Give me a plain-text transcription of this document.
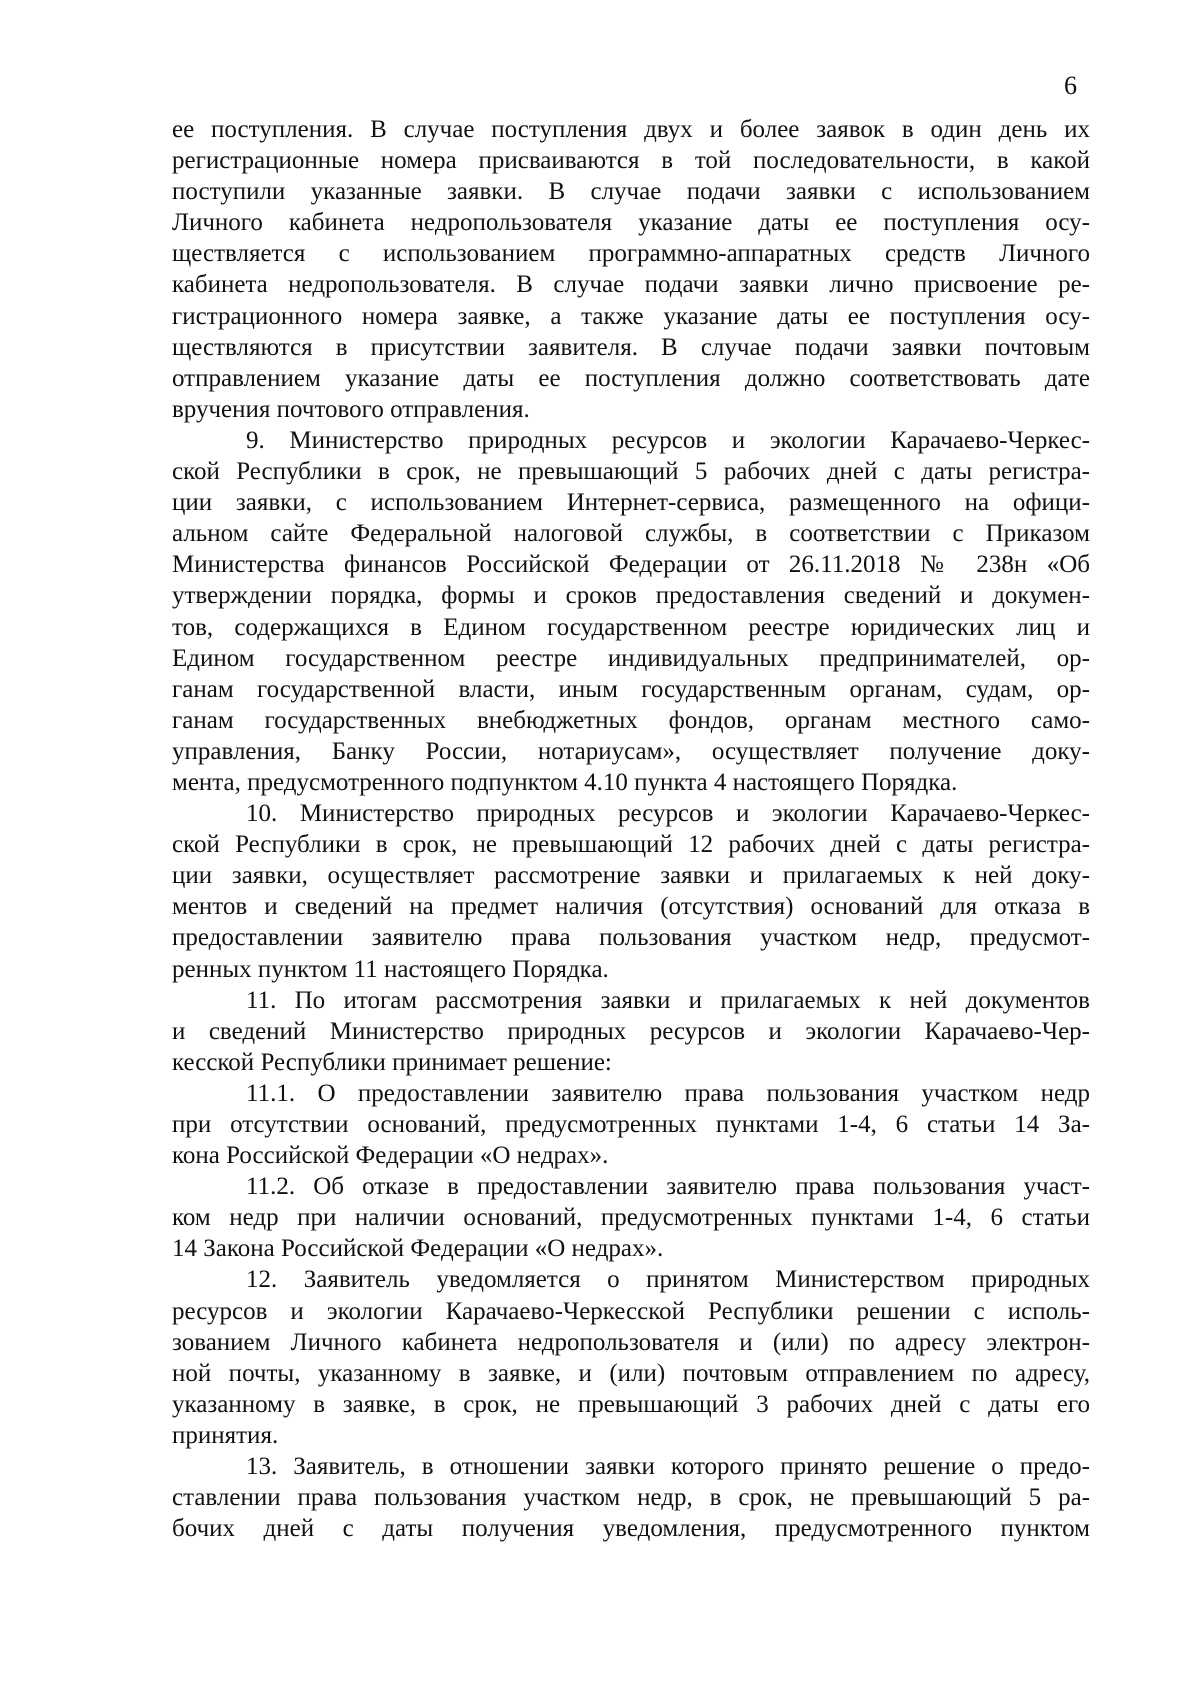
6
ее поступления. В случае поступления двух и более заявок в один день их
регистрационные номера присваиваются в той последовательности, в какой
поступили указанные заявки. В случае подачи заявки с использованием
Личного кабинета недропользователя указание даты ее поступления осу-
ществляется с использованием программно-аппаратных средств Личного
кабинета недропользователя. В случае подачи заявки лично присвоение ре-
гистрационного номера заявке, а также указание даты ее поступления осу-
ществляются в присутствии заявителя. В случае подачи заявки почтовым
отправлением указание даты ее поступления должно соответствовать дате
вручения почтового отправления.
9. Министерство природных ресурсов и экологии Карачаево-Черкес-
ской Республики в срок, не превышающий 5 рабочих дней с даты регистра-
ции заявки, с использованием Интернет-сервиса, размещенного на офици-
альном сайте Федеральной налоговой службы, в соответствии с Приказом
Министерства финансов Российской Федерации от 26.11.2018 № 238н «Об
утверждении порядка, формы и сроков предоставления сведений и докумен-
тов, содержащихся в Едином государственном реестре юридических лиц и
Едином государственном реестре индивидуальных предпринимателей, ор-
ганам государственной власти, иным государственным органам, судам, ор-
ганам государственных внебюджетных фондов, органам местного само-
управления, Банку России, нотариусам», осуществляет получение доку-
мента, предусмотренного подпунктом 4.10 пункта 4 настоящего Порядка.
10. Министерство природных ресурсов и экологии Карачаево-Черкес-
ской Республики в срок, не превышающий 12 рабочих дней с даты регистра-
ции заявки, осуществляет рассмотрение заявки и прилагаемых к ней доку-
ментов и сведений на предмет наличия (отсутствия) оснований для отказа в
предоставлении заявителю права пользования участком недр, предусмот-
ренных пунктом 11 настоящего Порядка.
11. По итогам рассмотрения заявки и прилагаемых к ней документов
и сведений Министерство природных ресурсов и экологии Карачаево-Чер-
кесской Республики принимает решение:
11.1. О предоставлении заявителю права пользования участком недр
при отсутствии оснований, предусмотренных пунктами 1-4, 6 статьи 14 За-
кона Российской Федерации «О недрах».
11.2. Об отказе в предоставлении заявителю права пользования участ-
ком недр при наличии оснований, предусмотренных пунктами 1-4, 6 статьи
14 Закона Российской Федерации «О недрах».
12. Заявитель уведомляется о принятом Министерством природных
ресурсов и экологии Карачаево-Черкесской Республики решении с исполь-
зованием Личного кабинета недропользователя и (или) по адресу электрон-
ной почты, указанному в заявке, и (или) почтовым отправлением по адресу,
указанному в заявке, в срок, не превышающий 3 рабочих дней с даты его
принятия.
13. Заявитель, в отношении заявки которого принято решение о предо-
ставлении права пользования участком недр, в срок, не превышающий 5 ра-
бочих дней с даты получения уведомления, предусмотренного пунктом
